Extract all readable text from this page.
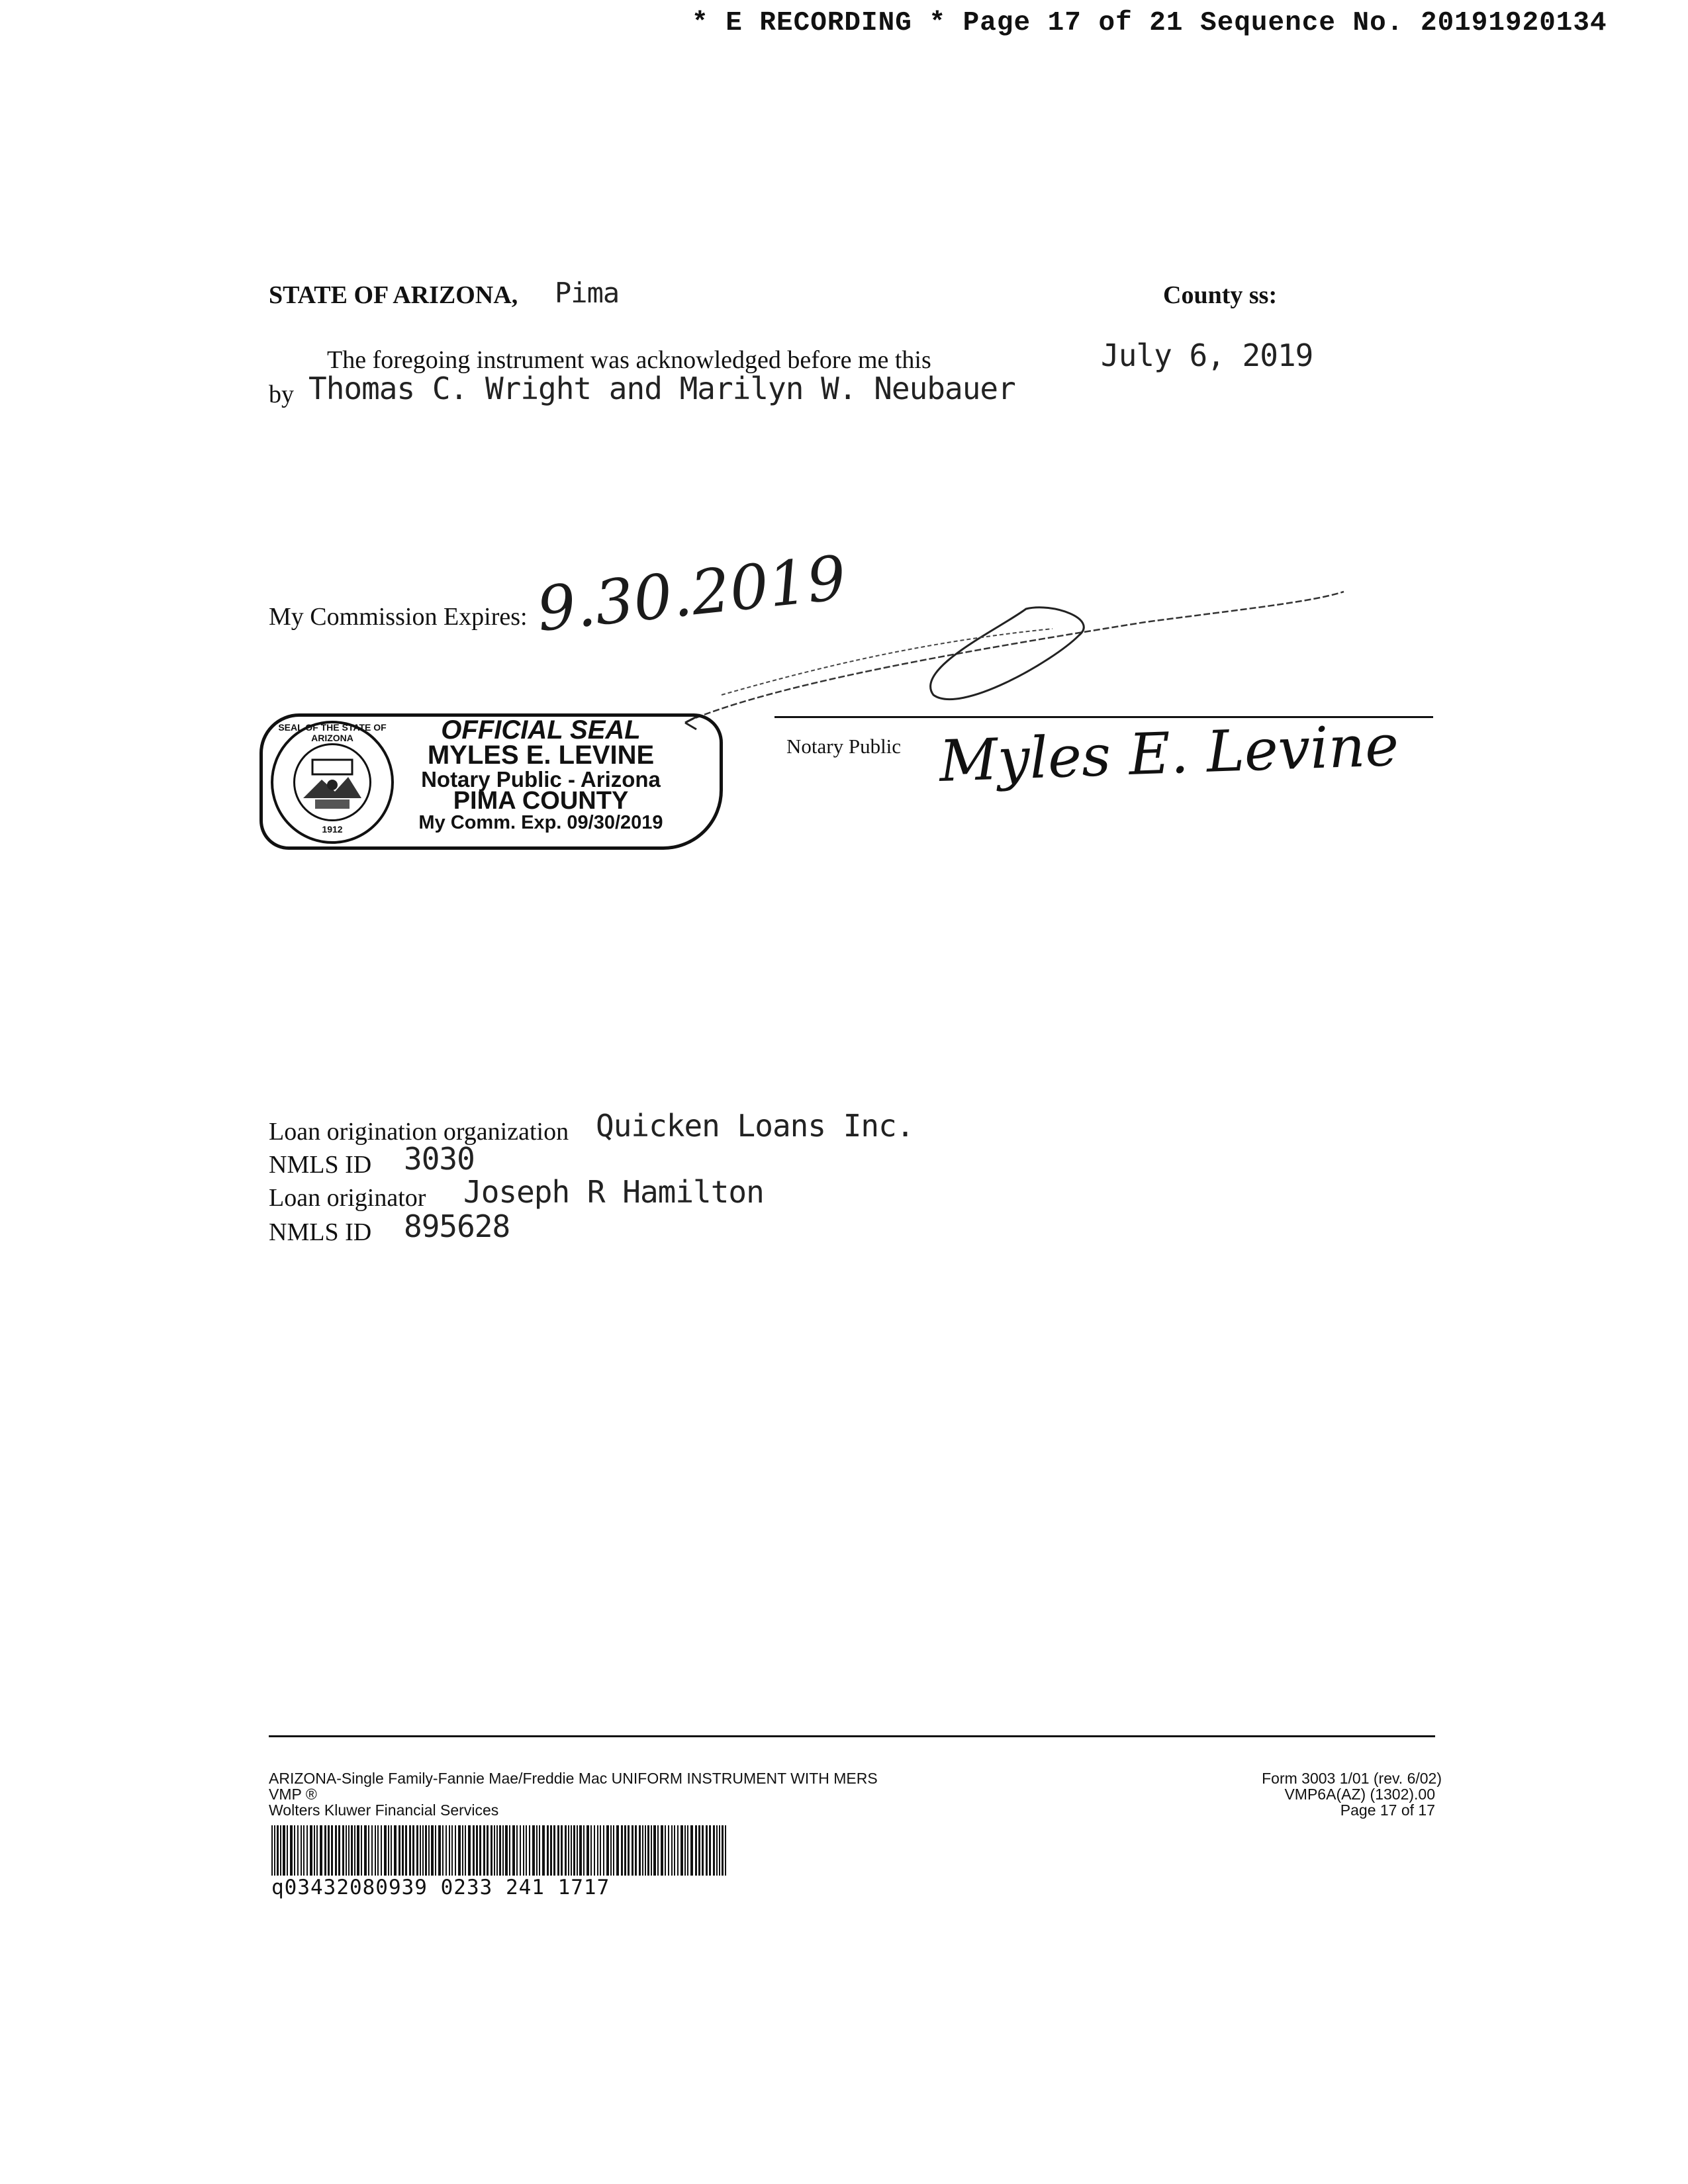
* E RECORDING * Page 17 of 21 Sequence No. 20191920134
STATE OF ARIZONA, Pima	County ss:
The foregoing instrument was acknowledged before me this	July 6, 2019
by Thomas C. Wright and Marilyn W. Neubauer
My Commission Expires: 9.30.2019
Notary Public Myles E. Levine
SEAL OF THE STATE OF ARIZONA
1912
OFFICIAL SEAL
MYLES E. LEVINE
Notary Public - Arizona
PIMA COUNTY
My Comm. Exp. 09/30/2019
Loan origination organization Quicken Loans Inc.
NMLS ID 3030
Loan originator Joseph R Hamilton
NMLS ID 895628
ARIZONA-Single Family-Fannie Mae/Freddie Mac UNIFORM INSTRUMENT WITH MERS
VMP ®
Wolters Kluwer Financial Services
Form 3003 1/01 (rev. 6/02)
VMP6A(AZ) (1302).00
Page 17 of 17
q03432080939 0233 241 1717
